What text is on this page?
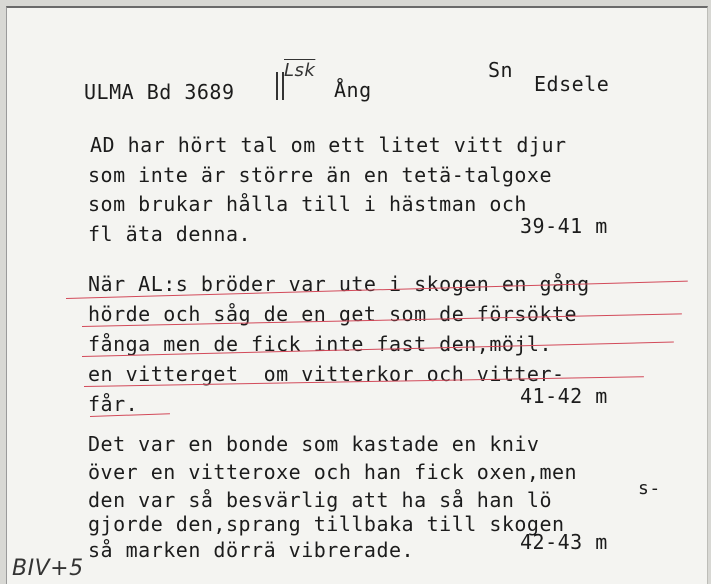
ULMA Bd 3689
$\overline{Lsk}$
Ång
Sn
Edsele
AD har hört tal om ett litet vitt djur
som inte är större än en tetä-talgoxe
som brukar hålla till i hästman och
fl äta denna.	39-41 m
När AL:s bröder var ute i skogen en gång
hörde och såg de en get som de försökte
fånga men de fick inte fast den,möjl.
en vitterget  om vitterkor och vitter-
får.	41-42 m
Det var en bonde som kastade en kniv
över en vitteroxe och han fick oxen,men
den var så besvärlig att ha så han lö	s-
gjorde den,sprang tillbaka till skogen
så marken dörrä vibrerade.	42-43 m
BIV+5
